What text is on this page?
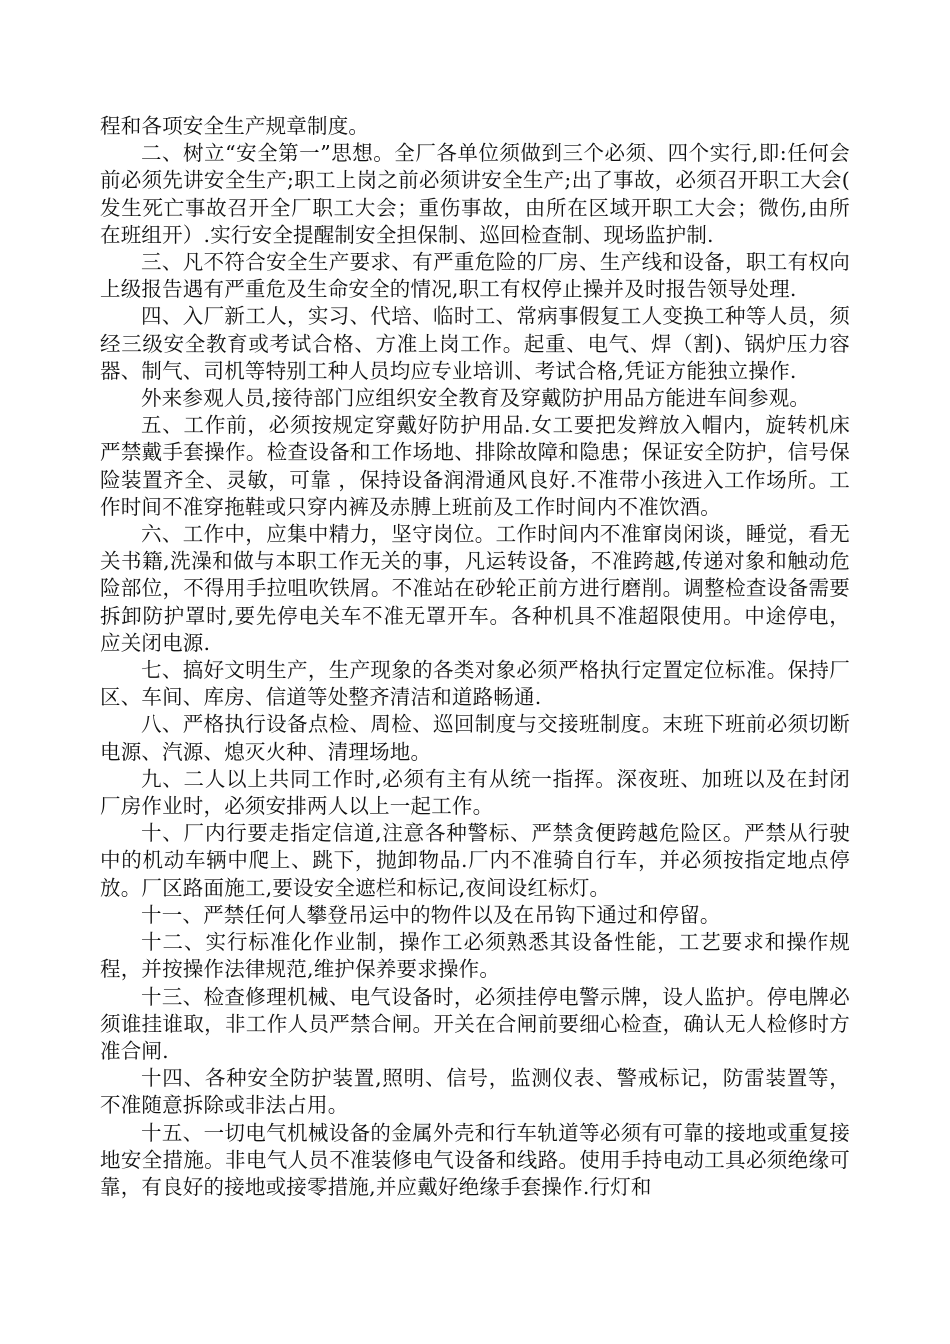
程和各项安全生产规章制度。

二、树立“安全第一”思想。全厂各单位须做到三个必须、四个实行,即:任何会前必须先讲安全生产;职工上岗之前必须讲安全生产;出了事故，必须召开职工大会( 发生死亡事故召开全厂职工大会；重伤事故，由所在区域开职工大会；微伤,由所在班组开）.实行安全提醒制安全担保制、巡回检查制、现场监护制.

三、凡不符合安全生产要求、有严重危险的厂房、生产线和设备，职工有权向上级报告遇有严重危及生命安全的情况,职工有权停止操并及时报告领导处理.

四、入厂新工人，实习、代培、临时工、常病事假复工人变换工种等人员，须经三级安全教育或考试合格、方准上岗工作。起重、电气、焊（割)、锅炉压力容器、制气、司机等特别工种人员均应专业培训、考试合格,凭证方能独立操作.

外来参观人员,接待部门应组织安全教育及穿戴防护用品方能进车间参观。

五、工作前，必须按规定穿戴好防护用品.女工要把发辫放入帽内，旋转机床严禁戴手套操作。检查设备和工作场地、排除故障和隐患；保证安全防护，信号保险装置齐全、灵敏，可靠 ，保持设备润滑通风良好.不准带小孩进入工作场所。工作时间不准穿拖鞋或只穿内裤及赤膊上班前及工作时间内不准饮酒。

六、工作中，应集中精力，坚守岗位。工作时间内不准窜岗闲谈，睡觉，看无关书籍,洗澡和做与本职工作无关的事，凡运转设备，不准跨越,传递对象和触动危险部位，不得用手拉咀吹铁屑。不准站在砂轮正前方进行磨削。调整检查设备需要拆卸防护罩时,要先停电关车不准无罩开车。各种机具不准超限使用。中途停电，应关闭电源.

七、搞好文明生产，生产现象的各类对象必须严格执行定置定位标准。保持厂区、车间、库房、信道等处整齐清洁和道路畅通.

八、严格执行设备点检、周检、巡回制度与交接班制度。末班下班前必须切断电源、汽源、熄灭火种、清理场地。

九、二人以上共同工作时,必须有主有从统一指挥。深夜班、加班以及在封闭厂房作业时，必须安排两人以上一起工作。

十、厂内行要走指定信道,注意各种警标、严禁贪便跨越危险区。严禁从行驶中的机动车辆中爬上、跳下，抛卸物品.厂内不准骑自行车，并必须按指定地点停放。厂区路面施工,要设安全遮栏和标记,夜间设红标灯。

十一、严禁任何人攀登吊运中的物件以及在吊钩下通过和停留。

十二、实行标准化作业制，操作工必须熟悉其设备性能，工艺要求和操作规程，并按操作法律规范,维护保养要求操作。

十三、检查修理机械、电气设备时，必须挂停电警示牌，设人监护。停电牌必须谁挂谁取，非工作人员严禁合闸。开关在合闸前要细心检查，确认无人检修时方准合闸.

十四、各种安全防护装置,照明、信号，监测仪表、警戒标记，防雷装置等，不准随意拆除或非法占用。

十五、一切电气机械设备的金属外壳和行车轨道等必须有可靠的接地或重复接地安全措施。非电气人员不准装修电气设备和线路。使用手持电动工具必须绝缘可靠，有良好的接地或接零措施,并应戴好绝缘手套操作.行灯和
